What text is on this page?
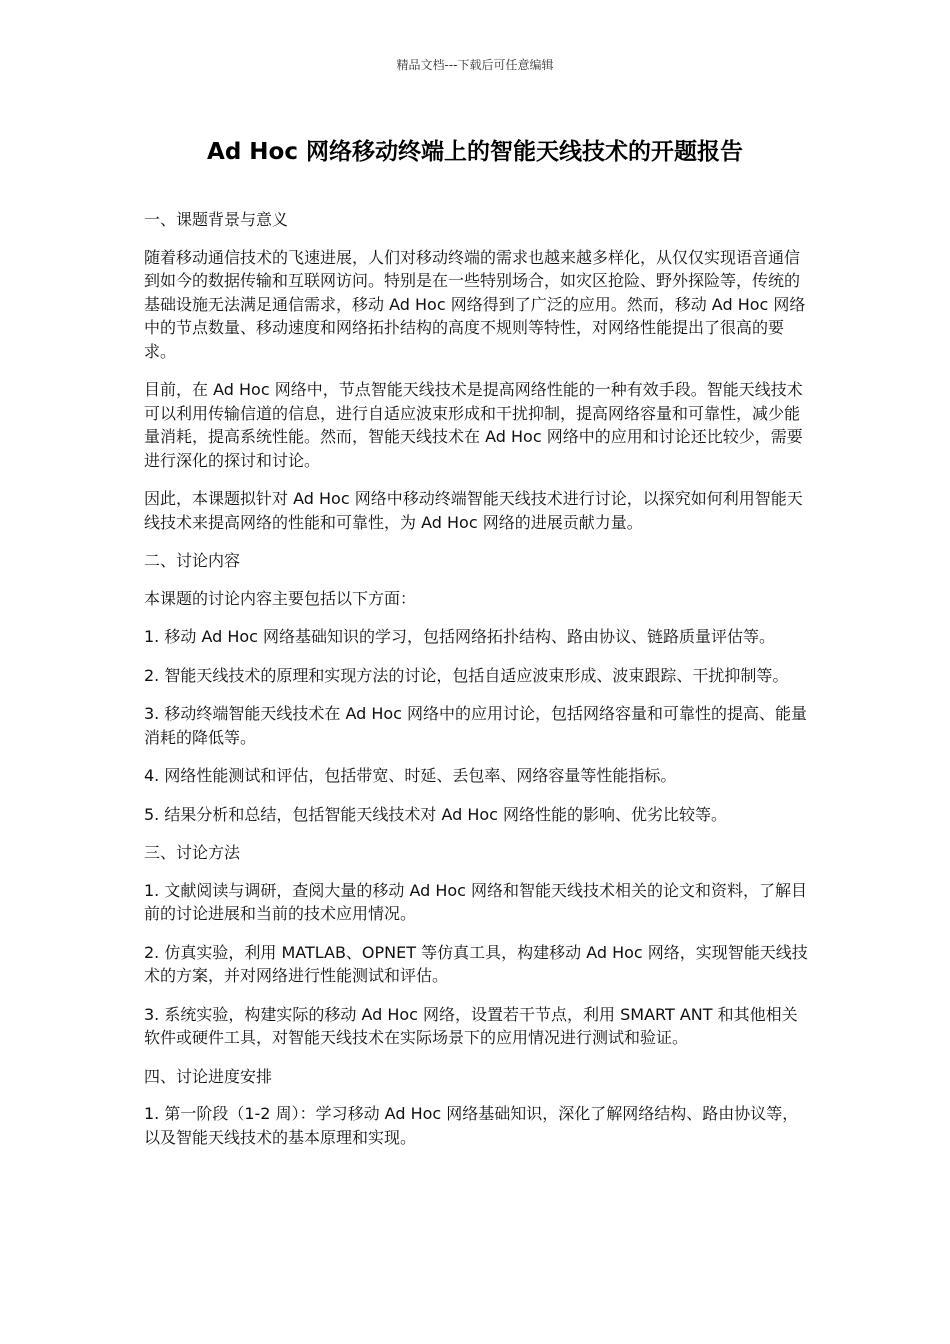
精品文档---下载后可任意编辑
Ad Hoc 网络移动终端上的智能天线技术的开题报告

一、课题背景与意义

随着移动通信技术的飞速进展，人们对移动终端的需求也越来越多样化，从仅仅实现语音通信到如今的数据传输和互联网访问。特别是在一些特别场合，如灾区抢险、野外探险等，传统的基础设施无法满足通信需求，移动 Ad Hoc 网络得到了广泛的应用。然而，移动 Ad Hoc 网络中的节点数量、移动速度和网络拓扑结构的高度不规则等特性，对网络性能提出了很高的要求。

目前，在 Ad Hoc 网络中，节点智能天线技术是提高网络性能的一种有效手段。智能天线技术可以利用传输信道的信息，进行自适应波束形成和干扰抑制，提高网络容量和可靠性，减少能量消耗，提高系统性能。然而，智能天线技术在 Ad Hoc 网络中的应用和讨论还比较少，需要进行深化的探讨和讨论。

因此，本课题拟针对 Ad Hoc 网络中移动终端智能天线技术进行讨论，以探究如何利用智能天线技术来提高网络的性能和可靠性，为 Ad Hoc 网络的进展贡献力量。

二、讨论内容

本课题的讨论内容主要包括以下方面：

1. 移动 Ad Hoc 网络基础知识的学习，包括网络拓扑结构、路由协议、链路质量评估等。

2. 智能天线技术的原理和实现方法的讨论，包括自适应波束形成、波束跟踪、干扰抑制等。

3. 移动终端智能天线技术在 Ad Hoc 网络中的应用讨论，包括网络容量和可靠性的提高、能量消耗的降低等。

4. 网络性能测试和评估，包括带宽、时延、丢包率、网络容量等性能指标。

5. 结果分析和总结，包括智能天线技术对 Ad Hoc 网络性能的影响、优劣比较等。

三、讨论方法

1. 文献阅读与调研，查阅大量的移动 Ad Hoc 网络和智能天线技术相关的论文和资料，了解目前的讨论进展和当前的技术应用情况。

2. 仿真实验，利用 MATLAB、OPNET 等仿真工具，构建移动 Ad Hoc 网络，实现智能天线技术的方案，并对网络进行性能测试和评估。

3. 系统实验，构建实际的移动 Ad Hoc 网络，设置若干节点，利用 SMART ANT 和其他相关软件或硬件工具，对智能天线技术在实际场景下的应用情况进行测试和验证。

四、讨论进度安排

1. 第一阶段（1-2 周）：学习移动 Ad Hoc 网络基础知识，深化了解网络结构、路由协议等，以及智能天线技术的基本原理和实现。
